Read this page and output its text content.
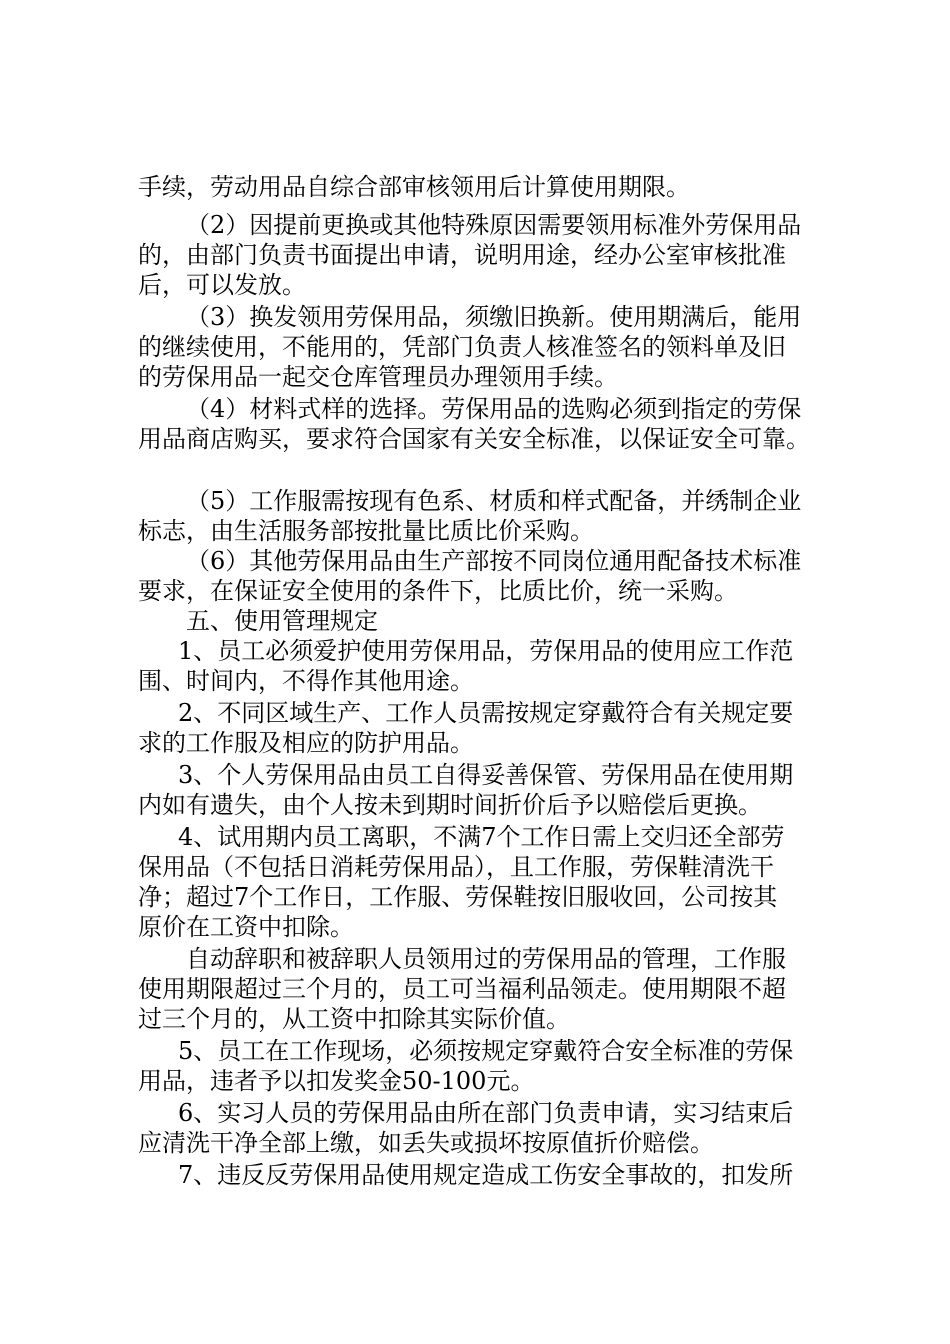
手续，劳动用品自综合部审核领用后计算使用期限。
（2）因提前更换或其他特殊原因需要领用标准外劳保用品
的，由部门负责书面提出申请，说明用途，经办公室审核批准
后，可以发放。
（3）换发领用劳保用品，须缴旧换新。使用期满后，能用
的继续使用，不能用的，凭部门负责人核准签名的领料单及旧
的劳保用品一起交仓库管理员办理领用手续。
（4）材料式样的选择。劳保用品的选购必须到指定的劳保
用品商店购买，要求符合国家有关安全标准，以保证安全可靠。
（5）工作服需按现有色系、材质和样式配备，并绣制企业
标志，由生活服务部按批量比质比价采购。
（6）其他劳保用品由生产部按不同岗位通用配备技术标准
要求，在保证安全使用的条件下，比质比价，统一采购。
五、使用管理规定
1、员工必须爱护使用劳保用品，劳保用品的使用应工作范
围、时间内，不得作其他用途。
2、不同区域生产、工作人员需按规定穿戴符合有关规定要
求的工作服及相应的防护用品。
3、个人劳保用品由员工自得妥善保管、劳保用品在使用期
内如有遗失，由个人按未到期时间折价后予以赔偿后更换。
4、试用期内员工离职，不满7个工作日需上交归还全部劳
保用品（不包括日消耗劳保用品），且工作服，劳保鞋清洗干
净；超过7个工作日，工作服、劳保鞋按旧服收回，公司按其
原价在工资中扣除。
自动辞职和被辞职人员领用过的劳保用品的管理，工作服
使用期限超过三个月的，员工可当福利品领走。使用期限不超
过三个月的，从工资中扣除其实际价值。
5、员工在工作现场，必须按规定穿戴符合安全标准的劳保
用品，违者予以扣发奖金50-100元。
6、实习人员的劳保用品由所在部门负责申请，实习结束后
应清洗干净全部上缴，如丢失或损坏按原值折价赔偿。
7、违反反劳保用品使用规定造成工伤安全事故的，扣发所
